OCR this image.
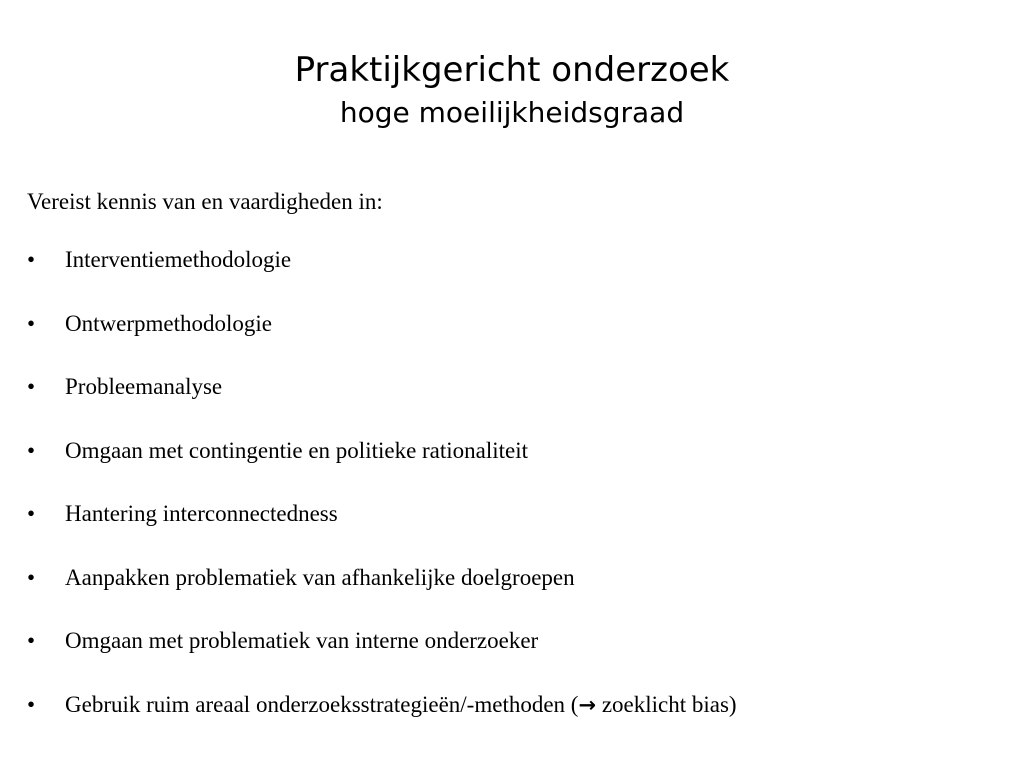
Praktijkgericht onderzoek
hoge moeilijkheidsgraad
Vereist kennis van en vaardigheden in:
•	Interventiemethodologie
•	Ontwerpmethodologie
•	Probleemanalyse
•	Omgaan met contingentie en politieke rationaliteit
•	Hantering interconnectedness
•	Aanpakken problematiek van afhankelijke doelgroepen
•	Omgaan met problematiek van interne onderzoeker
•	Gebruik ruim areaal onderzoeksstrategieën/-methoden (→ zoeklicht bias)
